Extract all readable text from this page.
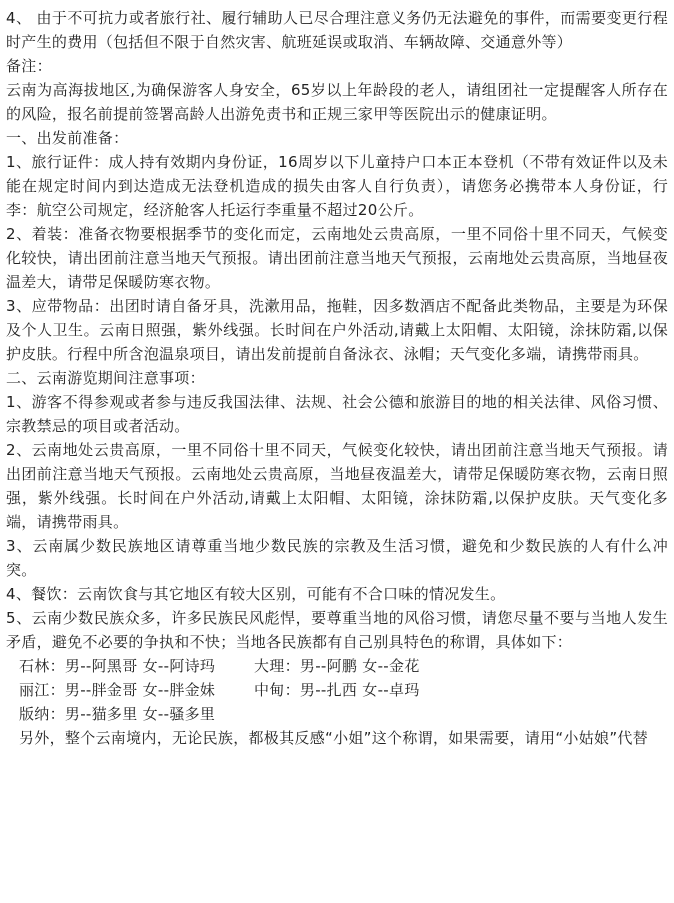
4、 由于不可抗力或者旅行社、履行辅助人已尽合理注意义务仍无法避免的事件，而需要变更行程时产生的费用（包括但不限于自然灾害、航班延误或取消、车辆故障、交通意外等）

备注：

云南为高海拔地区,为确保游客人身安全，65岁以上年龄段的老人，请组团社一定提醒客人所存在的风险，报名前提前签署高龄人出游免责书和正规三家甲等医院出示的健康证明。

一、出发前准备：

1、旅行证件：成人持有效期内身份证，16周岁以下儿童持户口本正本登机（不带有效证件以及未能在规定时间内到达造成无法登机造成的损失由客人自行负责），请您务必携带本人身份证，行李：航空公司规定，经济舱客人托运行李重量不超过20公斤。

2、着装：准备衣物要根据季节的变化而定，云南地处云贵高原，一里不同俗十里不同天，气候变化较快，请出团前注意当地天气预报。请出团前注意当地天气预报，云南地处云贵高原，当地昼夜温差大，请带足保暖防寒衣物。

3、应带物品：出团时请自备牙具，洗漱用品，拖鞋，因多数酒店不配备此类物品，主要是为环保及个人卫生。云南日照强，紫外线强。长时间在户外活动,请戴上太阳帽、太阳镜，涂抹防霜,以保护皮肤。行程中所含泡温泉项目，请出发前提前自备泳衣、泳帽；天气变化多端，请携带雨具。

二、云南游览期间注意事项：

1、游客不得参观或者参与违反我国法律、法规、社会公德和旅游目的地的相关法律、风俗习惯、宗教禁忌的项目或者活动。

2、云南地处云贵高原，一里不同俗十里不同天，气候变化较快，请出团前注意当地天气预报。请出团前注意当地天气预报。云南地处云贵高原，当地昼夜温差大，请带足保暖防寒衣物，云南日照强，紫外线强。长时间在户外活动,请戴上太阳帽、太阳镜，涂抹防霜,以保护皮肤。天气变化多端，请携带雨具。

3、云南属少数民族地区请尊重当地少数民族的宗教及生活习惯，避免和少数民族的人有什么冲突。

4、餐饮：云南饮食与其它地区有较大区别，可能有不合口味的情况发生。

5、云南少数民族众多，许多民族民风彪悍，要尊重当地的风俗习惯，请您尽量不要与当地人发生矛盾，避免不必要的争执和不快；当地各民族都有自己别具特色的称谓，具体如下：

石林：男--阿黑哥 女--阿诗玛	大理：男--阿鹏 女--金花
丽江：男--胖金哥 女--胖金妹	中甸：男--扎西 女--卓玛
版纳：男--猫多里 女--骚多里

另外，整个云南境内，无论民族，都极其反感“小姐”这个称谓，如果需要，请用“小姑娘”代替
